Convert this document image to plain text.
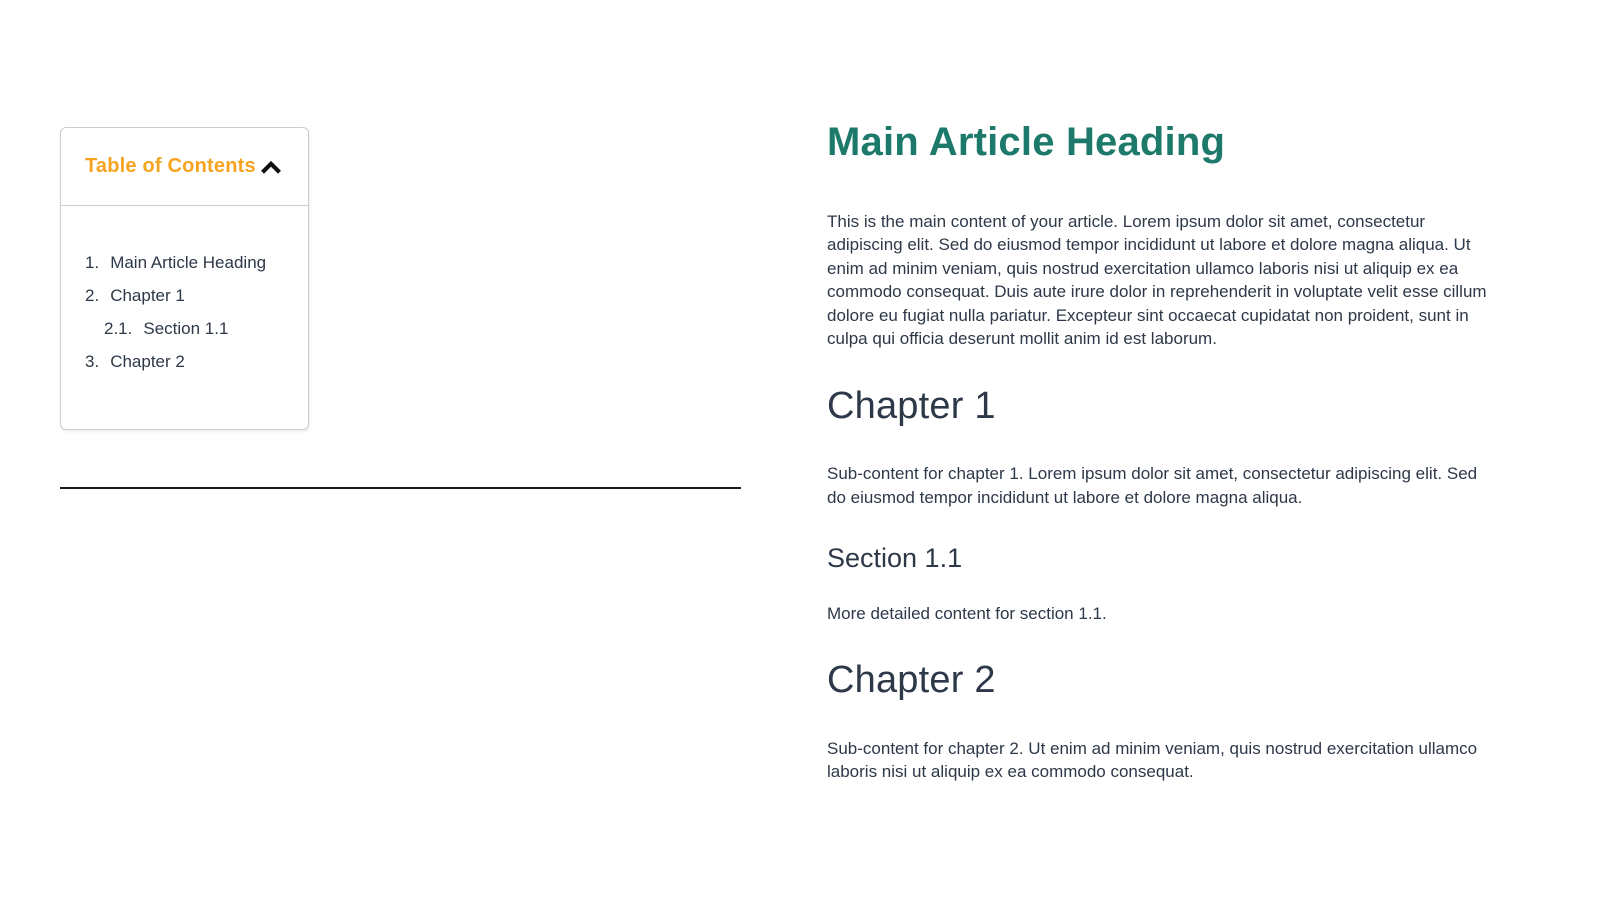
Table of Contents
1. Main Article Heading
2. Chapter 1
2.1. Section 1.1
3. Chapter 2
Main Article Heading

This is the main content of your article. Lorem ipsum dolor sit amet, consectetur adipiscing elit. Sed do eiusmod tempor incididunt ut labore et dolore magna aliqua. Ut enim ad minim veniam, quis nostrud exercitation ullamco laboris nisi ut aliquip ex ea commodo consequat. Duis aute irure dolor in reprehenderit in voluptate velit esse cillum dolore eu fugiat nulla pariatur. Excepteur sint occaecat cupidatat non proident, sunt in culpa qui officia deserunt mollit anim id est laborum.

Chapter 1

Sub-content for chapter 1. Lorem ipsum dolor sit amet, consectetur adipiscing elit. Sed do eiusmod tempor incididunt ut labore et dolore magna aliqua.

Section 1.1

More detailed content for section 1.1.

Chapter 2

Sub-content for chapter 2. Ut enim ad minim veniam, quis nostrud exercitation ullamco laboris nisi ut aliquip ex ea commodo consequat.
